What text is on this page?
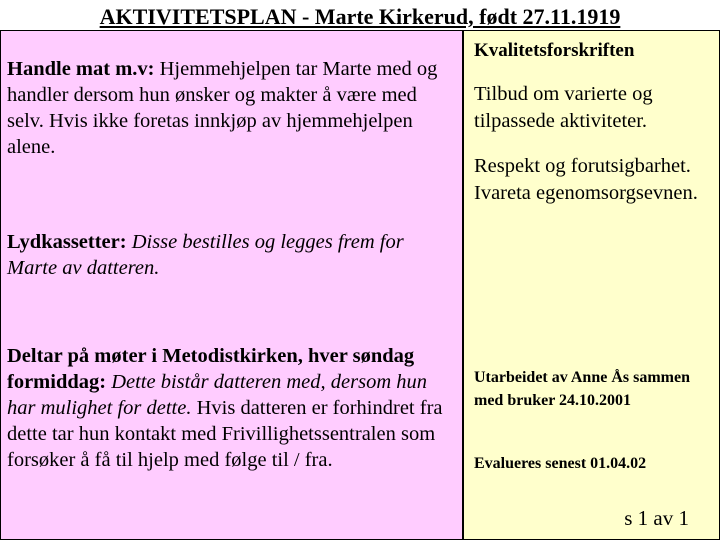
AKTIVITETSPLAN - Marte Kirkerud, født 27.11.1919
Handle mat m.v: Hjemmehjelpen tar Marte med og handler dersom hun ønsker og makter å være med selv. Hvis ikke foretas innkjøp av hjemmehjelpen alene.
Lydkassetter: Disse bestilles og legges frem for Marte av datteren.
Deltar på møter i Metodistkirken, hver søndag formiddag: Dette bistår datteren med, dersom hun har mulighet for dette. Hvis datteren er forhindret fra dette tar hun kontakt med Frivillighetssentralen som forsøker å få til hjelp med følge til / fra.
Kvalitetsforskriften
Tilbud om varierte og tilpassede aktiviteter.
Respekt og forutsigbarhet. Ivareta egenomsorgsevnen.
Utarbeidet av Anne Ås sammen med bruker 24.10.2001
Evalueres senest 01.04.02
s 1 av 1
